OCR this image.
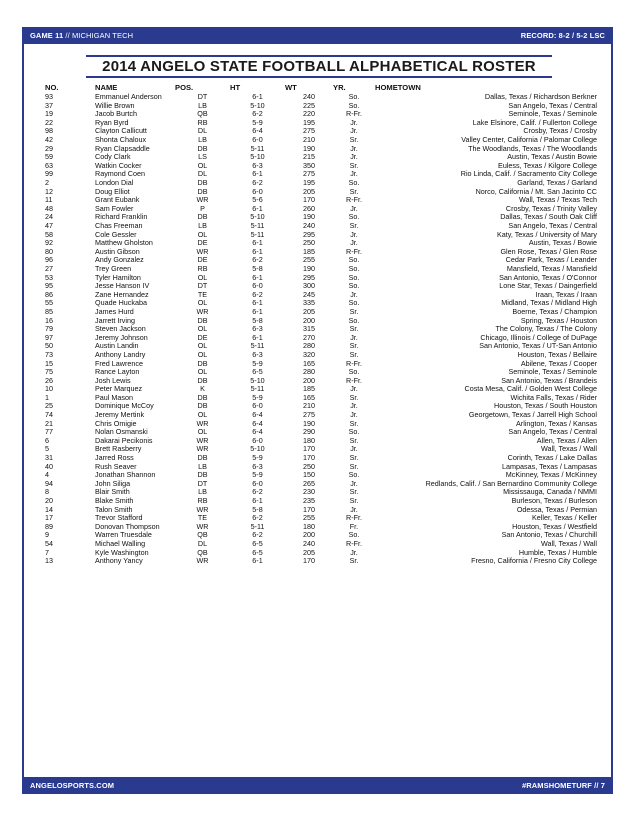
GAME 11 // MICHIGAN TECH	RECORD: 8-2 / 5-2 LSC
2014 ANGELO STATE FOOTBALL ALPHABETICAL ROSTER
NO.	NAME	POS.	HT	WT	YR.	HOMETOWN
93	Emmanuel Anderson	DT	6-1	240	So.	Dallas, Texas / Richardson Berkner
37	Willie Brown	LB	5-10	225	So.	San Angelo, Texas / Central
19	Jacob Burtch	QB	6-2	220	R-Fr.	Seminole, Texas / Seminole
22	Ryan Byrd	RB	5-9	195	Jr.	Lake Elsinore, Calif. / Fullerton College
98	Clayton Callicutt	DL	6-4	275	Jr.	Crosby, Texas / Crosby
42	Shonta Chaloux	LB	6-0	210	Sr.	Valley Center, California / Palomar College
29	Ryan Clapsaddle	DB	5-11	190	Jr.	The Woodlands, Texas / The Woodlands
59	Cody Clark	LS	5-10	215	Jr.	Austin, Texas / Austin Bowie
63	Watkin Cocker	OL	6-3	350	Sr.	Euless, Texas / Kilgore College
99	Raymond Coen	DL	6-1	275	Jr.	Rio Linda, Calif. / Sacramento City College
2	London Dial	DB	6-2	195	So.	Garland, Texas / Garland
12	Doug Elliot	DB	6-0	205	Sr.	Norco, California / Mt. San Jacinto CC
11	Grant Eubank	WR	5-6	170	R-Fr.	Wall, Texas / Texas Tech
48	Sam Fowler	P	6-1	260	Jr.	Crosby, Texas / Trinity Valley
24	Richard Franklin	DB	5-10	190	So.	Dallas, Texas / South Oak Cliff
47	Chas Freeman	LB	5-11	240	Sr.	San Angelo, Texas / Central
58	Cole Gessler	OL	5-11	295	Jr.	Katy, Texas / University of Mary
92	Matthew Gholston	DE	6-1	250	Jr.	Austin, Texas / Bowie
80	Austin Gibson	WR	6-1	185	R-Fr.	Glen Rose, Texas / Glen Rose
96	Andy Gonzalez	DE	6-2	255	So.	Cedar Park, Texas / Leander
27	Trey Green	RB	5-8	190	So.	Mansfield, Texas / Mansfield
53	Tyler Hamilton	OL	6-1	295	So.	San Antonio, Texas / O'Connor
95	Jesse Hanson IV	DT	6-0	300	So.	Lone Star, Texas / Daingerfield
86	Zane Hernandez	TE	6-2	245	Jr.	Iraan, Texas / Iraan
55	Quade Huckaba	OL	6-1	335	So.	Midland, Texas / Midland High
85	James Hurd	WR	6-1	205	Sr.	Boerne, Texas / Champion
16	Jarrett Irving	DB	5-8	200	So.	Spring, Texas / Houston
79	Steven Jackson	OL	6-3	315	Sr.	The Colony, Texas / The Colony
97	Jeremy Johnson	DE	6-1	270	Jr.	Chicago, Illinois / College of DuPage
50	Austin Landin	OL	5-11	280	Sr.	San Antonio, Texas / UT-San Antonio
73	Anthony Landry	OL	6-3	320	Sr.	Houston, Texas / Bellaire
15	Fred Lawrence	DB	5-9	165	R-Fr.	Abilene, Texas / Cooper
75	Rance Layton	OL	6-5	280	So.	Seminole, Texas / Seminole
26	Josh Lewis	DB	5-10	200	R-Fr.	San Antonio, Texas / Brandeis
10	Peter Marquez	K	5-11	185	Jr.	Costa Mesa, Calif. / Golden West College
1	Paul Mason	DB	5-9	165	Sr.	Wichita Falls, Texas / Rider
25	Dominique McCoy	DB	6-0	210	Jr.	Houston, Texas / South Houston
74	Jeremy Mertink	OL	6-4	275	Jr.	Georgetown, Texas / Jarrell High School
21	Chris Omigie	WR	6-4	190	Sr.	Arlington, Texas / Kansas
77	Nolan Osmanski	OL	6-4	290	So.	San Angelo, Texas / Central
6	Dakarai Pecikonis	WR	6-0	180	Sr.	Allen, Texas / Allen
5	Brett Rasberry	WR	5-10	170	Jr.	Wall, Texas / Wall
31	Jarred Ross	DB	5-9	170	Sr.	Corinth, Texas / Lake Dallas
40	Rush Seaver	LB	6-3	250	Sr.	Lampasas, Texas / Lampasas
4	Jonathan Shannon	DB	5-9	150	So.	McKinney, Texas / McKinney
94	John Siliga	DT	6-0	265	Jr.	Redlands, Calif. / San Bernardino Community College
8	Blair Smith	LB	6-2	230	Sr.	Mississauga, Canada / NMMI
20	Blake Smith	RB	6-1	235	Sr.	Burleson, Texas / Burleson
14	Talon Smith	WR	5-8	170	Jr.	Odessa, Texas / Permian
17	Trevor Stafford	TE	6-2	255	R-Fr.	Keller, Texas / Keller
89	Donovan Thompson	WR	5-11	180	Fr.	Houston, Texas / Westfield
9	Warren Truesdale	QB	6-2	200	So.	San Antonio, Texas / Churchill
54	Michael Walling	DL	6-5	240	R-Fr.	Wall, Texas / Wall
7	Kyle Washington	QB	6-5	205	Jr.	Humble, Texas / Humble
13	Anthony Yancy	WR	6-1	170	Sr.	Fresno, California / Fresno City College
ANGELOSPORTS.COM	#RAMSHOMETURF // 7
